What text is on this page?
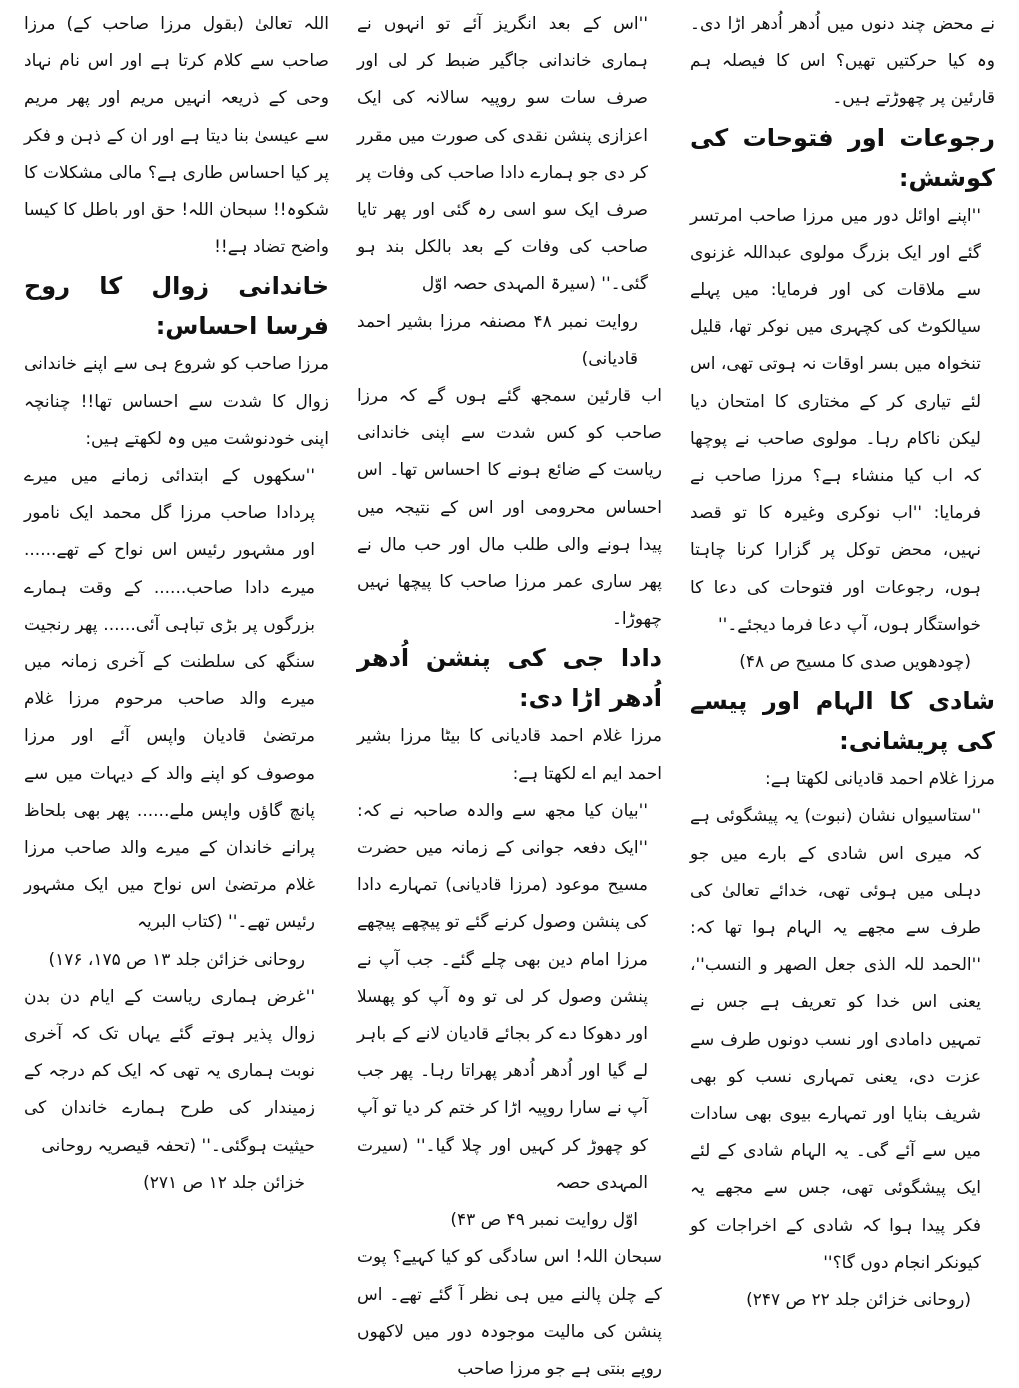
اللہ تعالیٰ (بقول مرزا صاحب کے) مرزا صاحب سے کلام کرتا ہے اور اس نام نہاد وحی کے ذریعہ انہیں مریم اور پھر مریم سے عیسیٰ بنا دیتا ہے اور ان کے ذہن و فکر پر کیا احساس طاری ہے؟ مالی مشکلات کا شکوہ!! سبحان اللہ! حق اور باطل کا کیسا واضح تضاد ہے!!

خاندانی زوال کا روح فرسا احساس:

مرزا صاحب کو شروع ہی سے اپنے خاندانی زوال کا شدت سے احساس تھا!! چنانچہ اپنی خودنوشت میں وہ لکھتے ہیں:

''سکھوں کے ابتدائی زمانے میں میرے پردادا صاحب مرزا گل محمد ایک نامور اور مشہور رئیس اس نواح کے تھے...... میرے دادا صاحب...... کے وقت ہمارے بزرگوں پر بڑی تباہی آئی...... پھر رنجیت سنگھ کی سلطنت کے آخری زمانہ میں میرے والد صاحب مرحوم مرزا غلام مرتضیٰ قادیان واپس آئے اور مرزا موصوف کو اپنے والد کے دیہات میں سے پانچ گاؤں واپس ملے...... پھر بھی بلحاظ پرانے خاندان کے میرے والد صاحب مرزا غلام مرتضیٰ اس نواح میں ایک مشہور رئیس تھے۔'' (کتاب البریہ

روحانی خزائن جلد ۱۳ ص ۱۷۵، ۱۷۶)

''غرض ہماری ریاست کے ایام دن بدن زوال پذیر ہوتے گئے یہاں تک کہ آخری نوبت ہماری یہ تھی کہ ایک کم درجہ کے زمیندار کی طرح ہمارے خاندان کی حیثیت ہوگئی۔'' (تحفہ قیصریہ روحانی

خزائن جلد ۱۲ ص ۲۷۱)

''اس کے بعد انگریز آئے تو انہوں نے ہماری خاندانی جاگیر ضبط کر لی اور صرف سات سو روپیہ سالانہ کی ایک اعزازی پنشن نقدی کی صورت میں مقرر کر دی جو ہمارے دادا صاحب کی وفات پر صرف ایک سو اسی رہ گئی اور پھر تایا صاحب کی وفات کے بعد بالکل بند ہو گئی۔'' (سیرۃ المہدی حصہ اوّل

روایت نمبر ۴۸ مصنفہ مرزا بشیر احمد قادیانی)

اب قارئین سمجھ گئے ہوں گے کہ مرزا صاحب کو کس شدت سے اپنی خاندانی ریاست کے ضائع ہونے کا احساس تھا۔ اس احساس محرومی اور اس کے نتیجہ میں پیدا ہونے والی طلب مال اور حب مال نے پھر ساری عمر مرزا صاحب کا پیچھا نہیں چھوڑا۔

دادا جی کی پنشن اُدھر اُدھر اڑا دی:

مرزا غلام احمد قادیانی کا بیٹا مرزا بشیر احمد ایم اے لکھتا ہے:

''بیان کیا مجھ سے والدہ صاحبہ نے کہ: ''ایک دفعہ جوانی کے زمانہ میں حضرت مسیح موعود (مرزا قادیانی) تمہارے دادا کی پنشن وصول کرنے گئے تو پیچھے پیچھے مرزا امام دین بھی چلے گئے۔ جب آپ نے پنشن وصول کر لی تو وہ آپ کو پھسلا اور دھوکا دے کر بجائے قادیان لانے کے باہر لے گیا اور اُدھر اُدھر پھراتا رہا۔ پھر جب آپ نے سارا روپیہ اڑا کر ختم کر دیا تو آپ کو چھوڑ کر کہیں اور چلا گیا۔'' (سیرت المہدی حصہ

اوّل روایت نمبر ۴۹ ص ۴۳)

سبحان اللہ! اس سادگی کو کیا کہیے؟ پوت کے چلن پالنے میں ہی نظر آ گئے تھے۔ اس پنشن کی مالیت موجودہ دور میں لاکھوں روپے بنتی ہے جو مرزا صاحب

نے محض چند دنوں میں اُدھر اُدھر اڑا دی۔ وہ کیا حرکتیں تھیں؟ اس کا فیصلہ ہم قارئین پر چھوڑتے ہیں۔

رجوعات اور فتوحات کی کوشش:

''اپنے اوائل دور میں مرزا صاحب امرتسر گئے اور ایک بزرگ مولوی عبداللہ غزنوی سے ملاقات کی اور فرمایا: میں پہلے سیالکوٹ کی کچہری میں نوکر تھا، قلیل تنخواہ میں بسر اوقات نہ ہوتی تھی، اس لئے تیاری کر کے مختاری کا امتحان دیا لیکن ناکام رہا۔ مولوی صاحب نے پوچھا کہ اب کیا منشاء ہے؟ مرزا صاحب نے فرمایا: ''اب نوکری وغیرہ کا تو قصد نہیں، محض توکل پر گزارا کرنا چاہتا ہوں، رجوعات اور فتوحات کی دعا کا خواستگار ہوں، آپ دعا فرما دیجئے۔''

(چودھویں صدی کا مسیح ص ۴۸)

شادی کا الہام اور پیسے کی پریشانی:

مرزا غلام احمد قادیانی لکھتا ہے:

''ستاسیواں نشان (نبوت) یہ پیشگوئی ہے کہ میری اس شادی کے بارے میں جو دہلی میں ہوئی تھی، خدائے تعالیٰ کی طرف سے مجھے یہ الہام ہوا تھا کہ: ''الحمد للہ الذی جعل الصھر و النسب''، یعنی اس خدا کو تعریف ہے جس نے تمہیں دامادی اور نسب دونوں طرف سے عزت دی، یعنی تمہاری نسب کو بھی شریف بنایا اور تمہارے بیوی بھی سادات میں سے آئے گی۔ یہ الہام شادی کے لئے ایک پیشگوئی تھی، جس سے مجھے یہ فکر پیدا ہوا کہ شادی کے اخراجات کو کیونکر انجام دوں گا؟''

(روحانی خزائن جلد ۲۲ ص ۲۴۷)
